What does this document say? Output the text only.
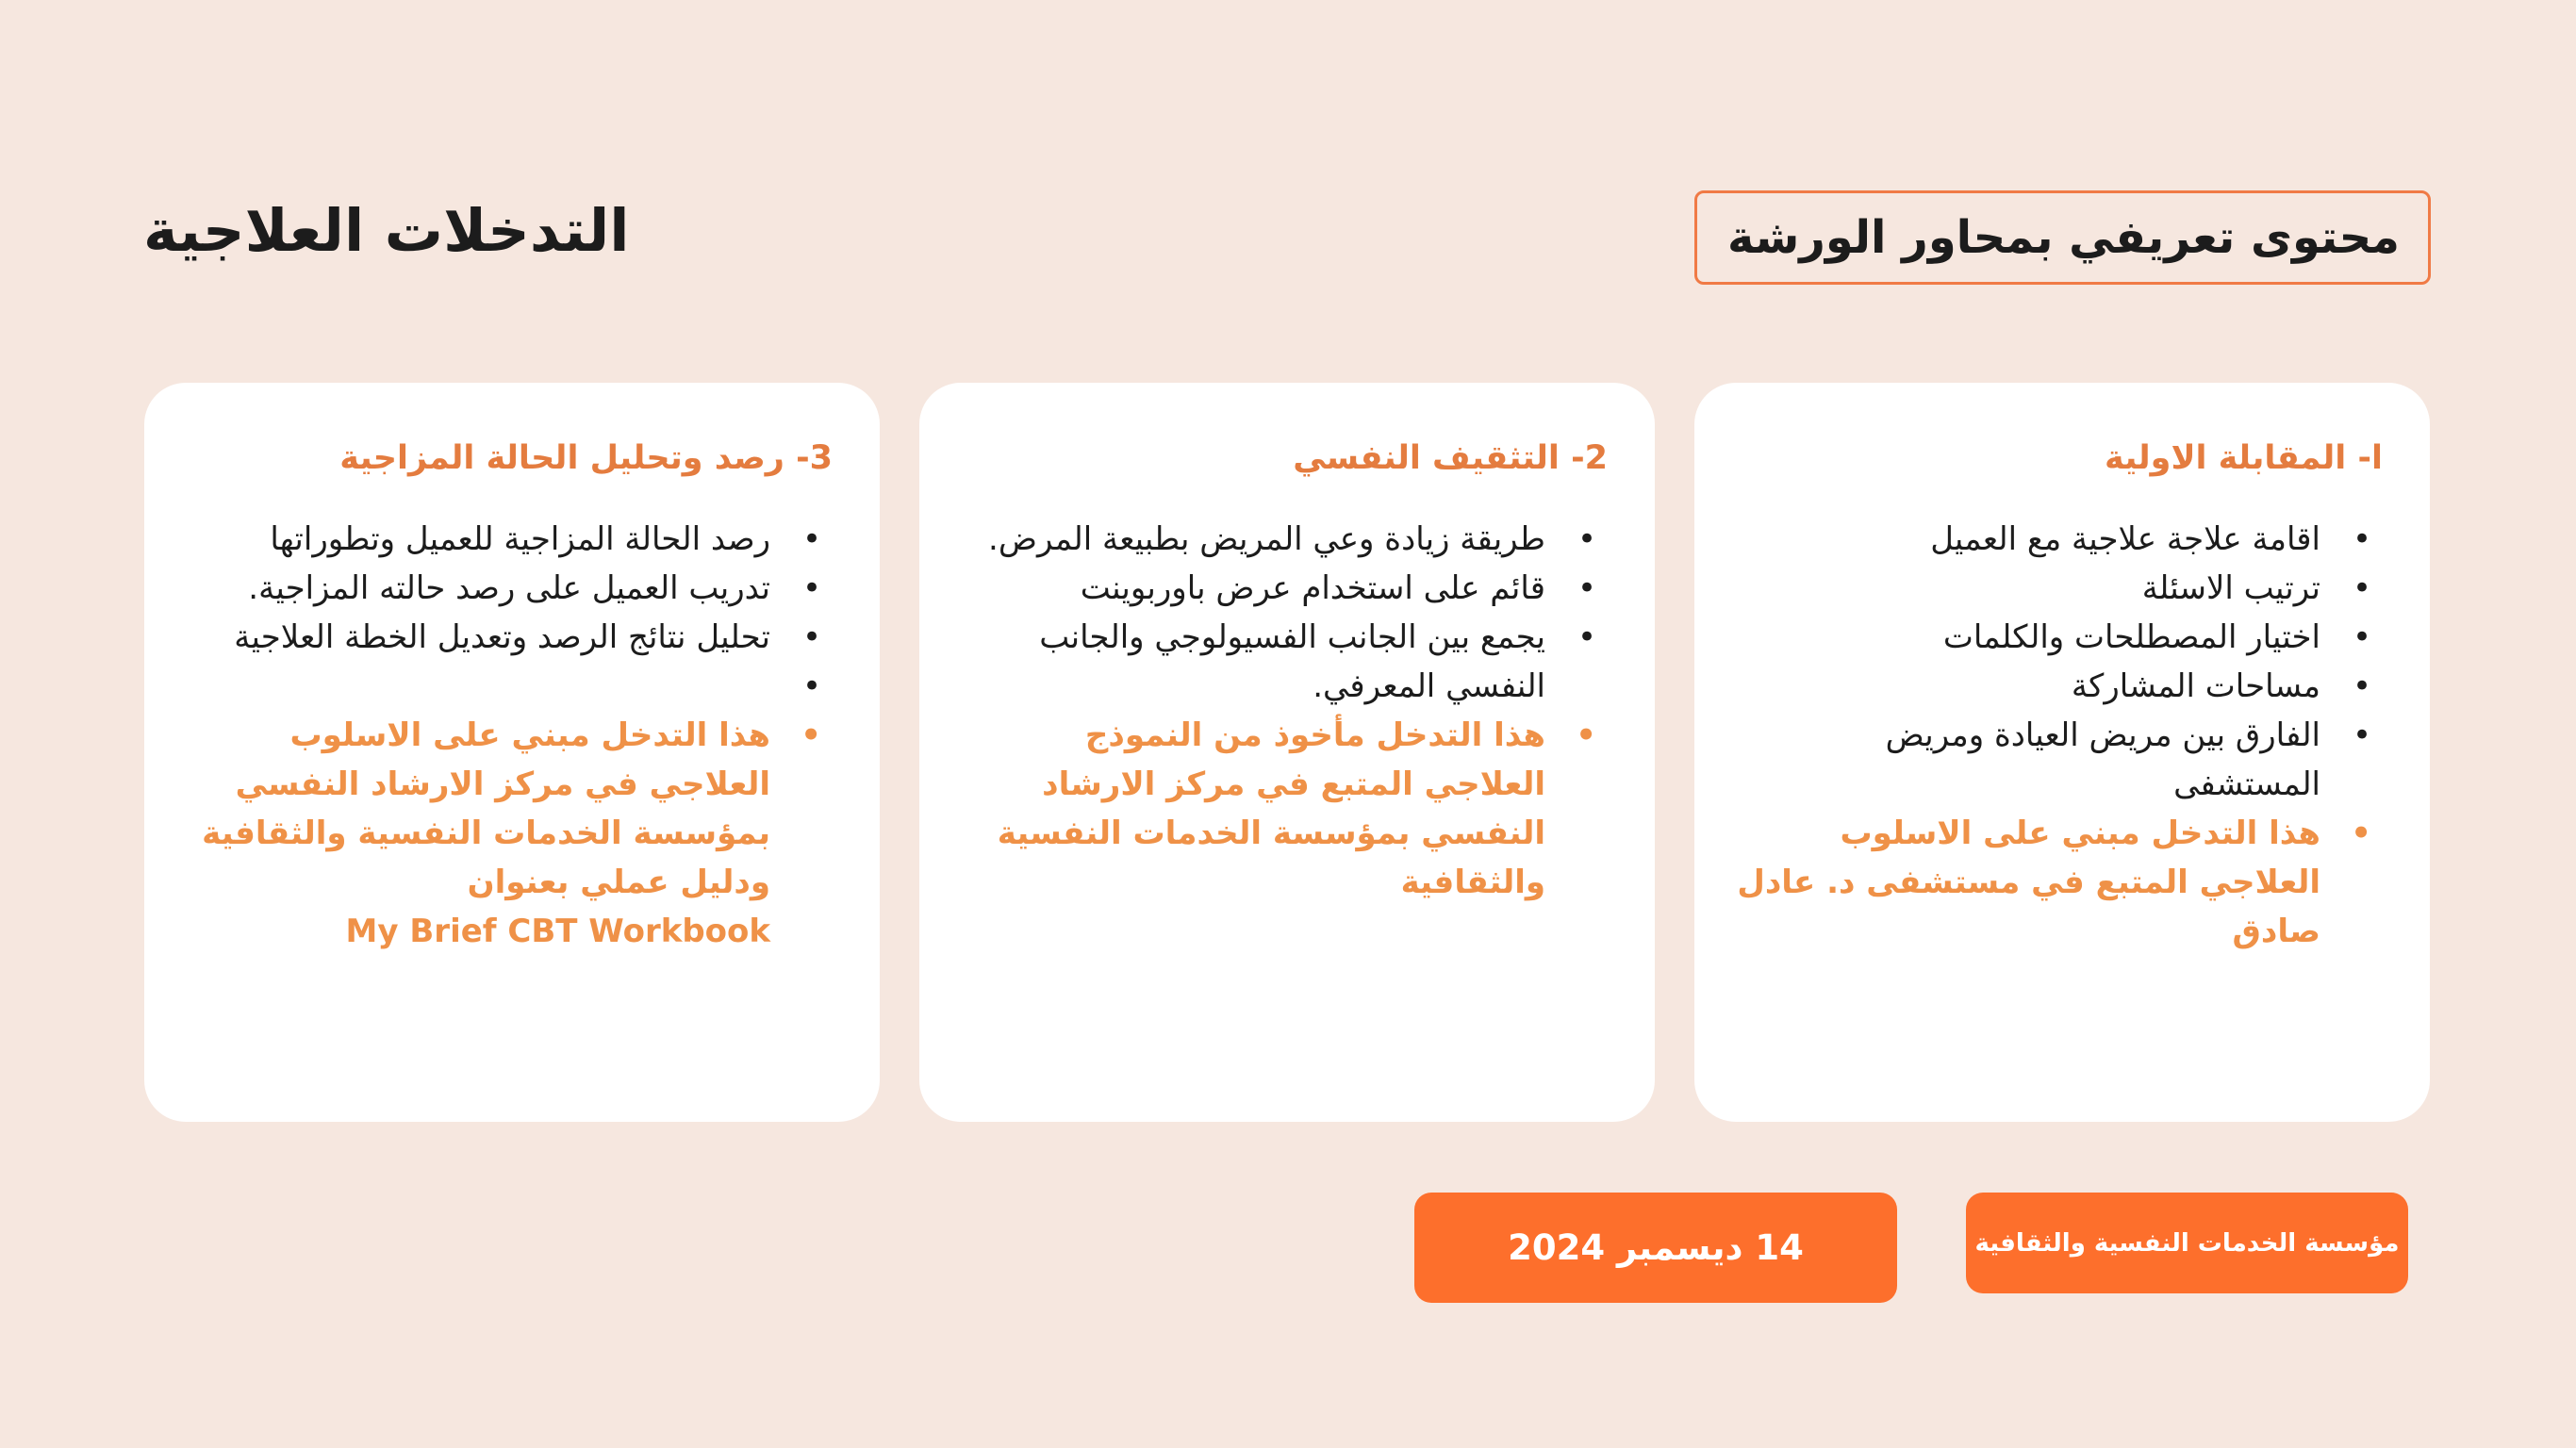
التدخلات العلاجية	محتوى تعريفي بمحاور الورشة
ا- المقابلة الاولية
• اقامة علاجة علاجية مع العميل
• ترتيب الاسئلة
• اختيار المصطلحات والكلمات
• مساحات المشاركة
• الفارق بين مريض العيادة ومريض المستشفى
• هذا التدخل مبني على الاسلوب العلاجي المتبع في مستشفى د. عادل صادق
2- التثقيف النفسي
• طريقة زيادة وعي المريض بطبيعة المرض.
• قائم على استخدام عرض باوربوينت
• يجمع بين الجانب الفسيولوجي والجانب النفسي المعرفي.
• هذا التدخل مأخوذ من النموذج العلاجي المتبع في مركز الارشاد النفسي بمؤسسة الخدمات النفسية والثقافية
3- رصد وتحليل الحالة المزاجية
• رصد الحالة المزاجية للعميل وتطوراتها
• تدريب العميل على رصد حالته المزاجية.
• تحليل نتائج الرصد وتعديل الخطة العلاجية
•
• هذا التدخل مبني على الاسلوب العلاجي في مركز الارشاد النفسي بمؤسسة الخدمات النفسية والثقافية ودليل عملي بعنوان
My Brief CBT Workbook
مؤسسة الخدمات النفسية والثقافية
14 ديسمبر 2024
